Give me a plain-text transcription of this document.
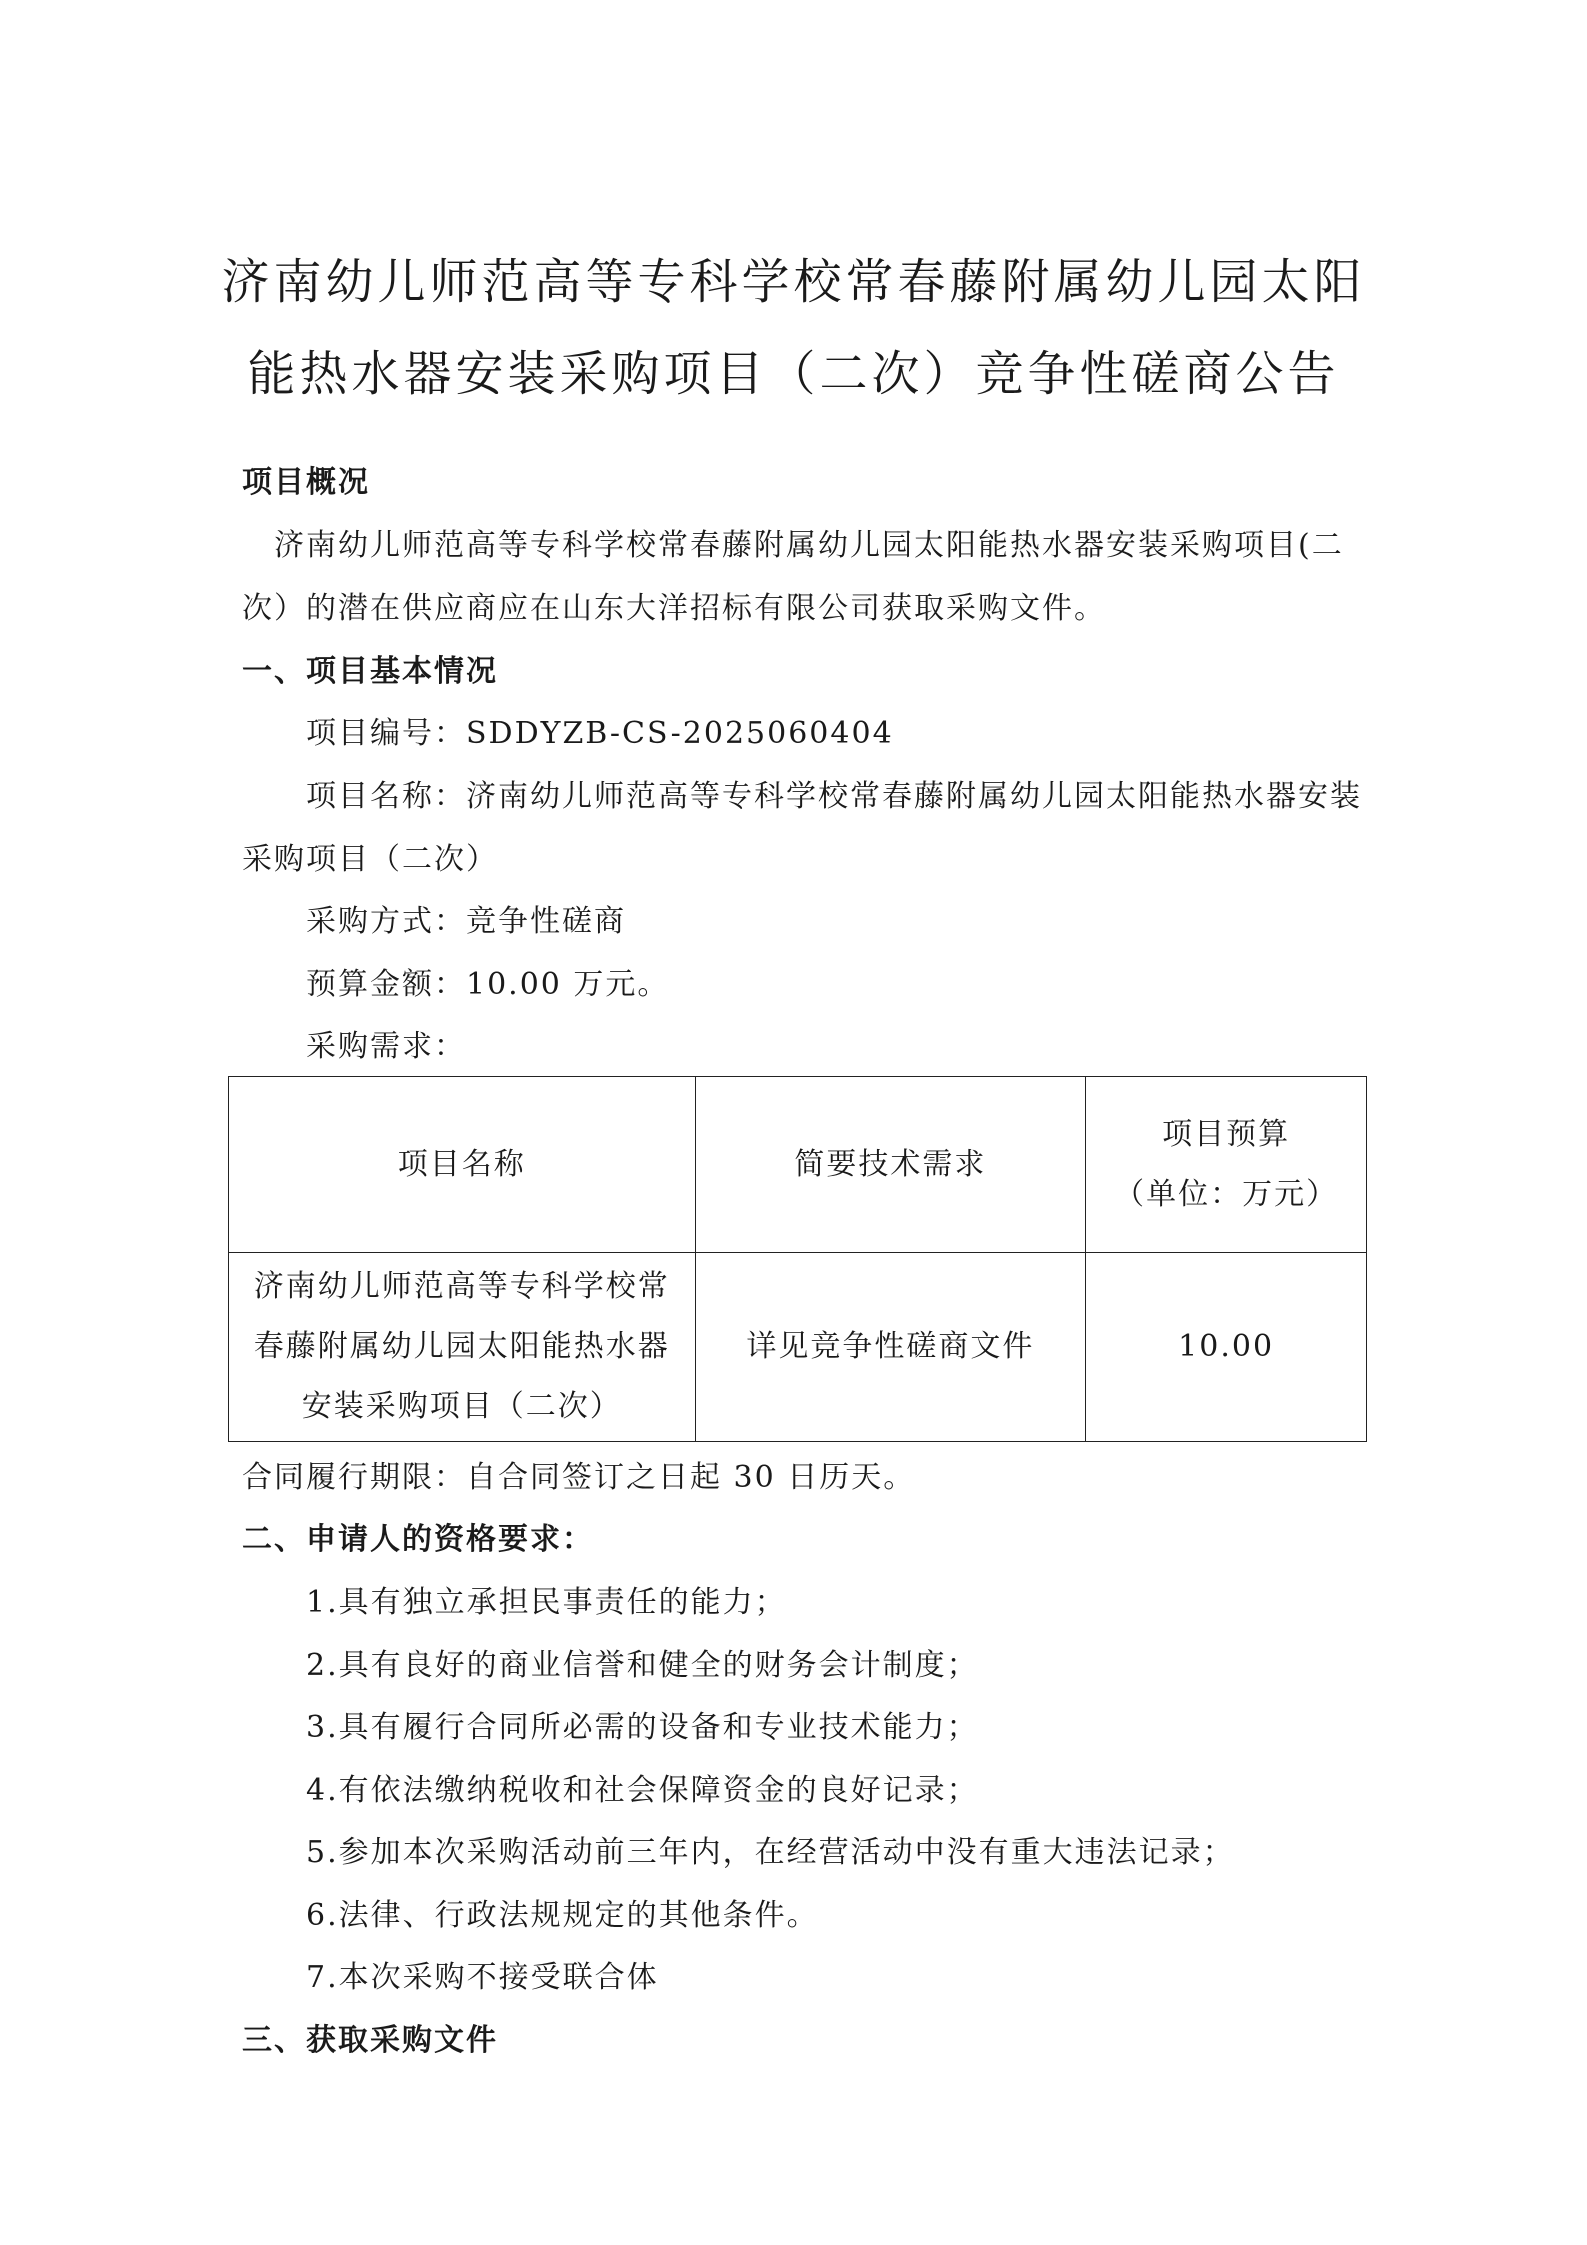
济南幼儿师范高等专科学校常春藤附属幼儿园太阳
能热水器安装采购项目（二次）竞争性磋商公告
项目概况
济南幼儿师范高等专科学校常春藤附属幼儿园太阳能热水器安装采购项目(二
次）的潜在供应商应在山东大洋招标有限公司获取采购文件。
一、项目基本情况
项目编号：SDDYZB-CS-2025060404
项目名称：济南幼儿师范高等专科学校常春藤附属幼儿园太阳能热水器安装
采购项目（二次）
采购方式：竞争性磋商
预算金额：10.00 万元。
采购需求：
项目名称	简要技术需求	项目预算
（单位：万元）

济南幼儿师范高等专科学校常
春藤附属幼儿园太阳能热水器
安装采购项目（二次）	详见竞争性磋商文件	10.00
合同履行期限：自合同签订之日起 30 日历天。
二、申请人的资格要求：
1.具有独立承担民事责任的能力；
2.具有良好的商业信誉和健全的财务会计制度；
3.具有履行合同所必需的设备和专业技术能力；
4.有依法缴纳税收和社会保障资金的良好记录；
5.参加本次采购活动前三年内，在经营活动中没有重大违法记录；
6.法律、行政法规规定的其他条件。
7.本次采购不接受联合体
三、获取采购文件
